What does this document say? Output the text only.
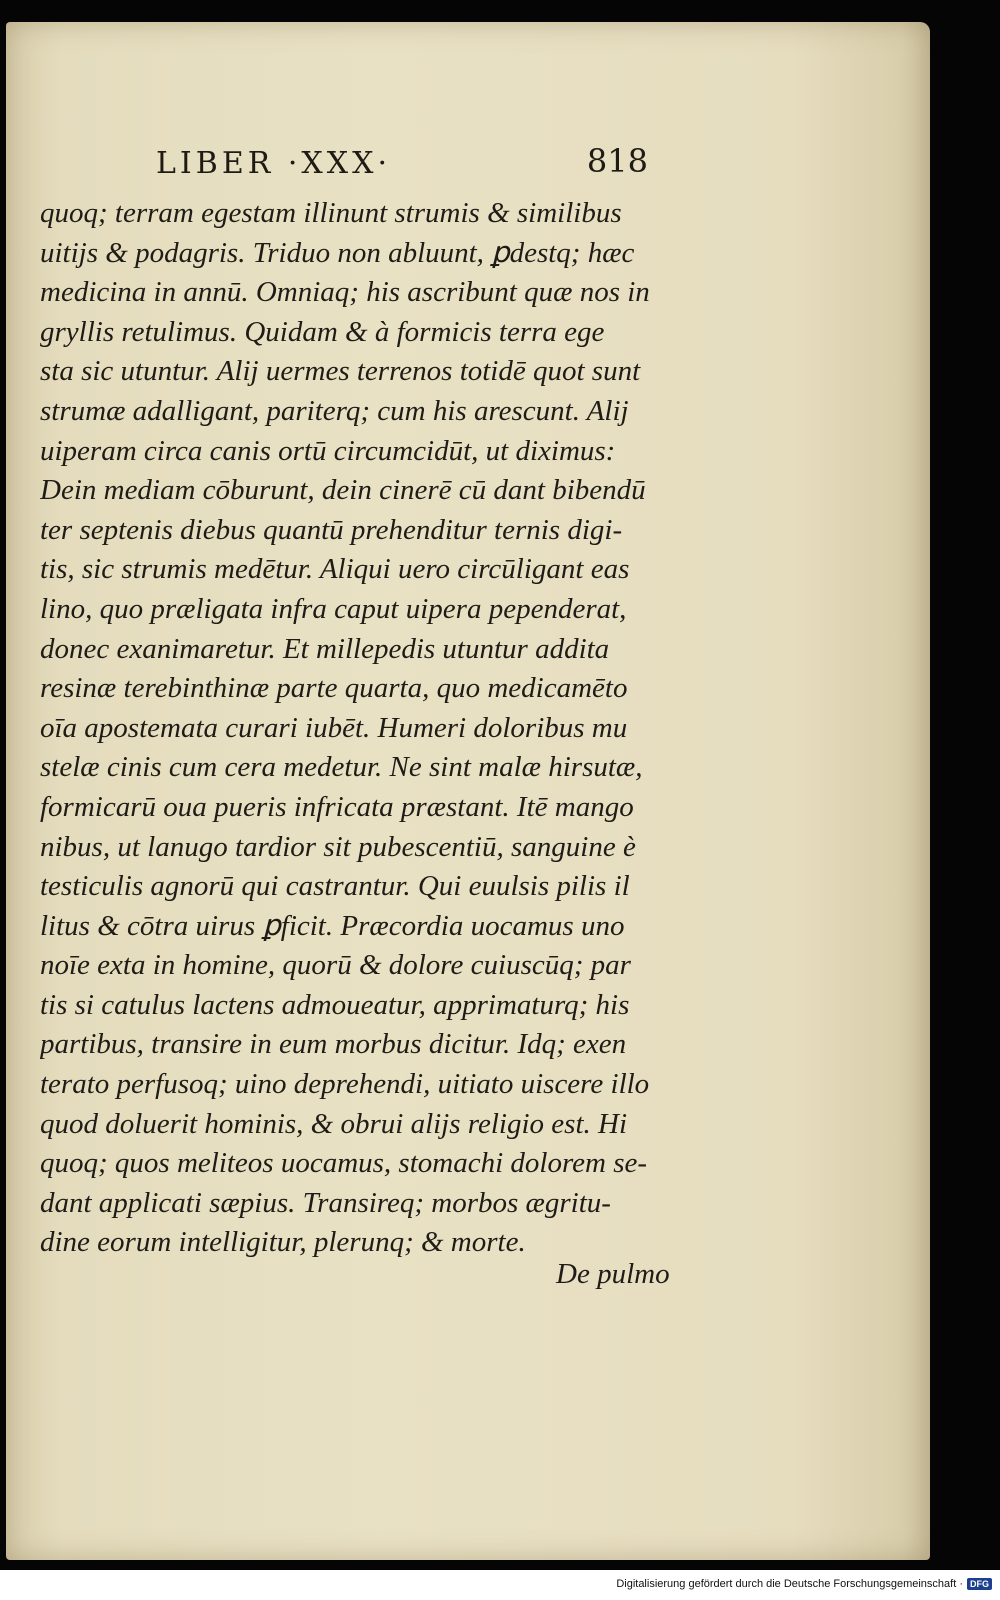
LIBER ·XXX·	818
quoq; terram egestam illinunt strumis & similibus
uitijs & podagris. Triduo non abluunt, ꝑdestq; hæc
medicina in annū. Omniaq; his ascribunt quæ nos in
gryllis retulimus. Quidam & à formicis terra ege
sta sic utuntur. Alij uermes terrenos totidē quot sunt
strumæ adalligant, pariterq; cum his arescunt. Alij
uiperam circa canis ortū circumcidūt, ut diximus:
Dein mediam cōburunt, dein cinerē cū dant bibendū
ter septenis diebus quantū prehenditur ternis digi-
tis, sic strumis medētur. Aliqui uero circūligant eas
lino, quo præligata infra caput uipera pependerat,
donec exanimaretur. Et millepedis utuntur addita
resinæ terebinthinæ parte quarta, quo medicamēto
oīa apostemata curari iubēt. Humeri doloribus mu
stelæ cinis cum cera medetur. Ne sint malæ hirsutæ,
formicarū oua pueris infricata præstant. Itē mango
nibus, ut lanugo tardior sit pubescentiū, sanguine è
testiculis agnorū qui castrantur. Qui euulsis pilis il
litus & cōtra uirus ꝑficit. Præcordia uocamus uno
noīe exta in homine, quorū & dolore cuiuscūq; par
tis si catulus lactens admoueatur, apprimaturq; his
partibus, transire in eum morbus dicitur. Idq; exen
terato perfusoq; uino deprehendi, uitiato uiscere illo
quod doluerit hominis, & obrui alijs religio est. Hi
quoq; quos meliteos uocamus, stomachi dolorem se-
dant applicati sæpius. Transireq; morbos ægritu-
dine eorum intelligitur, plerunq; & morte.
De pulmo
Digitalisierung gefördert durch die Deutsche Forschungsgemeinschaft · DFG
